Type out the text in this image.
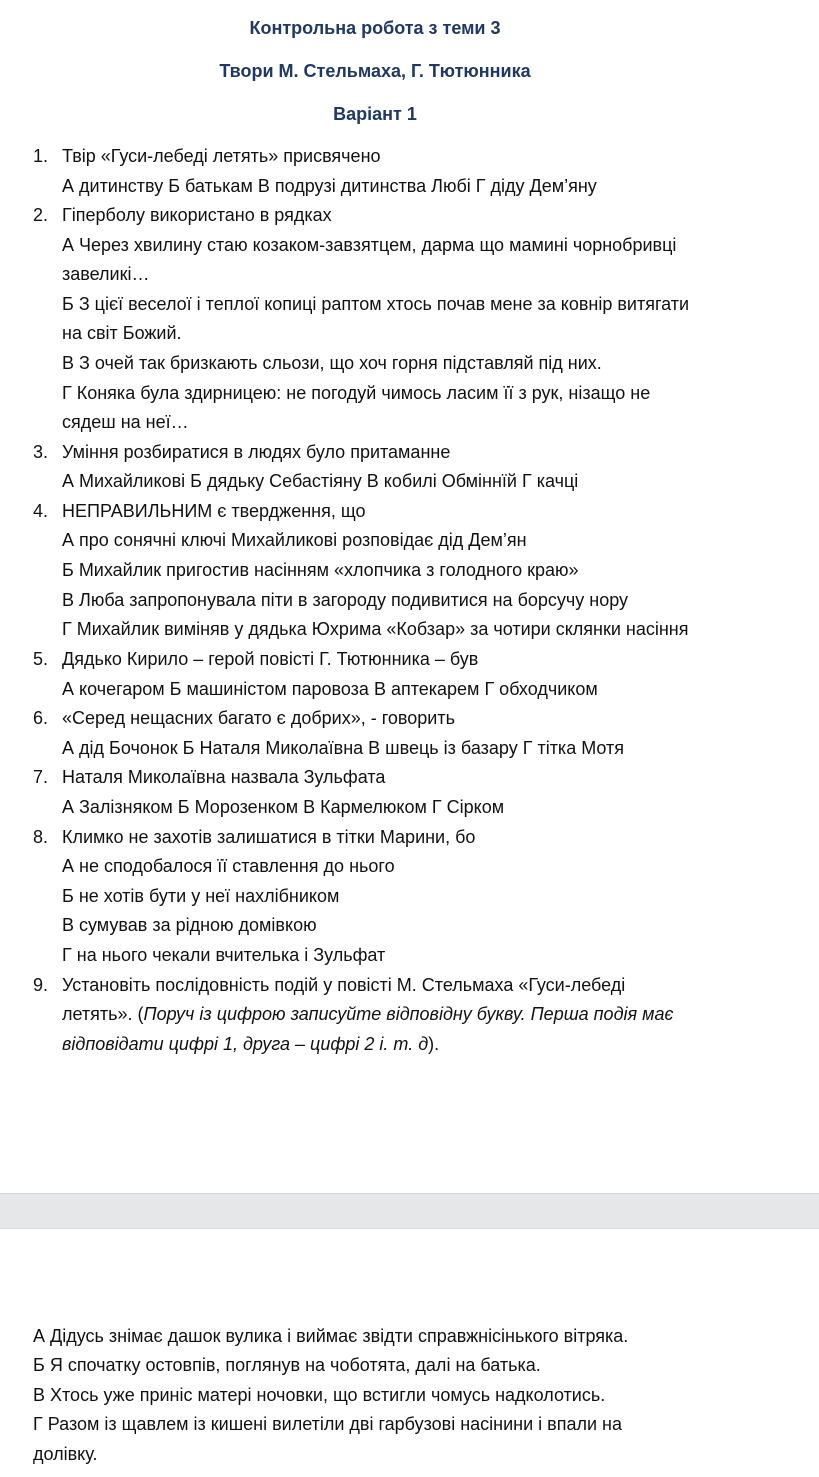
Контрольна робота з теми 3
Твори М. Стельмаха, Г. Тютюнника
Варіант 1
1. Твір «Гуси-лебеді летять» присвячено
А дитинству Б батькам В подрузі дитинства Любі Г діду Дем’яну
2. Гіперболу використано в рядках
А Через хвилину стаю козаком-завзятцем, дарма що мамині чорнобривці
завеликі…
Б З цієї веселої і теплої копиці раптом хтось почав мене за ковнір витягати
на світ Божий.
В З очей так бризкають сльози, що хоч горня підставляй під них.
Г Коняка була здирницею: не погодуй чимось ласим її з рук, нізащо не
сядеш на неї…
3. Уміння розбиратися в людях було притаманне
А Михайликові Б дядьку Себастіяну В кобилі Обміннїй Г качці
4. НЕПРАВИЛЬНИМ є твердження, що
А про сонячні ключі Михайликові розповідає дід Дем’ян
Б Михайлик пригостив насінням «хлопчика з голодного краю»
В Люба запропонувала піти в загороду подивитися на борсучу нору
Г Михайлик виміняв у дядька Юхрима «Кобзар» за чотири склянки насіння
5. Дядько Кирило – герой повісті Г. Тютюнника – був
А кочегаром Б машиністом паровоза В аптекарем Г обходчиком
6. «Серед нещасних багато є добрих», - говорить
А дід Бочонок Б Наталя Миколаївна В швець із базару Г тітка Мотя
7. Наталя Миколаївна назвала Зульфата
А Залізняком Б Морозенком В Кармелюком Г Сірком
8. Климко не захотів залишатися в тітки Марини, бо
А не сподобалося її ставлення до нього
Б не хотів бути у неї нахлібником
В сумував за рідною домівкою
Г на нього чекали вчителька і Зульфат
9. Установіть послідовність подій у повісті М. Стельмаха «Гуси-лебеді
летять». (Поруч із цифрою записуйте відповідну букву. Перша подія має
відповідати цифрі 1, друга – цифрі 2 і. т. д).
А Дідусь знімає дашок вулика і виймає звідти справжнісінького вітряка.
Б Я спочатку остовпів, поглянув на чоботята, далі на батька.
В Хтось уже приніс матері ночовки, що встигли чомусь надколотись.
Г Разом із щавлем із кишені вилетіли дві гарбузові насінини і впали на
долівку.
